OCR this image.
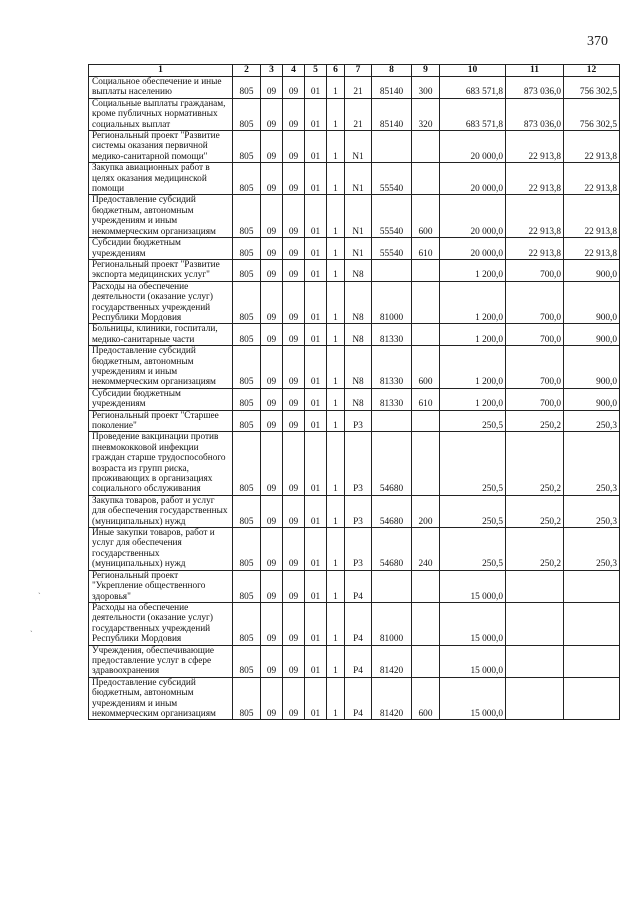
370
1	2	3	4	5	6	7	8	9	10	11	12
Социальное обеспечение и иные выплаты населению	805	09	09	01	1	21	85140	300	683 571,8	873 036,0	756 302,5
Социальные выплаты гражданам, кроме публичных нормативных социальных выплат	805	09	09	01	1	21	85140	320	683 571,8	873 036,0	756 302,5
Региональный проект "Развитие системы оказания первичной медико-санитарной помощи"	805	09	09	01	1	N1			20 000,0	22 913,8	22 913,8
Закупка авиационных работ в целях оказания медицинской помощи	805	09	09	01	1	N1	55540		20 000,0	22 913,8	22 913,8
Предоставление субсидий бюджетным, автономным учреждениям и иным некоммерческим организациям	805	09	09	01	1	N1	55540	600	20 000,0	22 913,8	22 913,8
Субсидии бюджетным учреждениям	805	09	09	01	1	N1	55540	610	20 000,0	22 913,8	22 913,8
Региональный проект "Развитие экспорта медицинских услуг"	805	09	09	01	1	N8			1 200,0	700,0	900,0
Расходы на обеспечение деятельности (оказание услуг) государственных учреждений Республики Мордовия	805	09	09	01	1	N8	81000		1 200,0	700,0	900,0
Больницы, клиники, госпитали, медико-санитарные части	805	09	09	01	1	N8	81330		1 200,0	700,0	900,0
Предоставление субсидий бюджетным, автономным учреждениям и иным некоммерческим организациям	805	09	09	01	1	N8	81330	600	1 200,0	700,0	900,0
Субсидии бюджетным учреждениям	805	09	09	01	1	N8	81330	610	1 200,0	700,0	900,0
Региональный проект "Старшее поколение"	805	09	09	01	1	P3			250,5	250,2	250,3
Проведение вакцинации против пневмококковой инфекции граждан старше трудоспособного возраста из групп риска, проживающих в организациях социального обслуживания	805	09	09	01	1	P3	54680		250,5	250,2	250,3
Закупка товаров, работ и услуг для обеспечения государственных (муниципальных) нужд	805	09	09	01	1	P3	54680	200	250,5	250,2	250,3
Иные закупки товаров, работ и услуг для обеспечения государственных (муниципальных) нужд	805	09	09	01	1	P3	54680	240	250,5	250,2	250,3
Региональный проект "Укрепление общественного здоровья"	805	09	09	01	1	P4			15 000,0		
Расходы на обеспечение деятельности (оказание услуг) государственных учреждений Республики Мордовия	805	09	09	01	1	P4	81000		15 000,0		
Учреждения, обеспечивающие предоставление услуг в сфере здравоохранения	805	09	09	01	1	P4	81420		15 000,0		
Предоставление субсидий бюджетным, автономным учреждениям и иным некоммерческим организациям	805	09	09	01	1	P4	81420	600	15 000,0		
ˏ
ˎ
